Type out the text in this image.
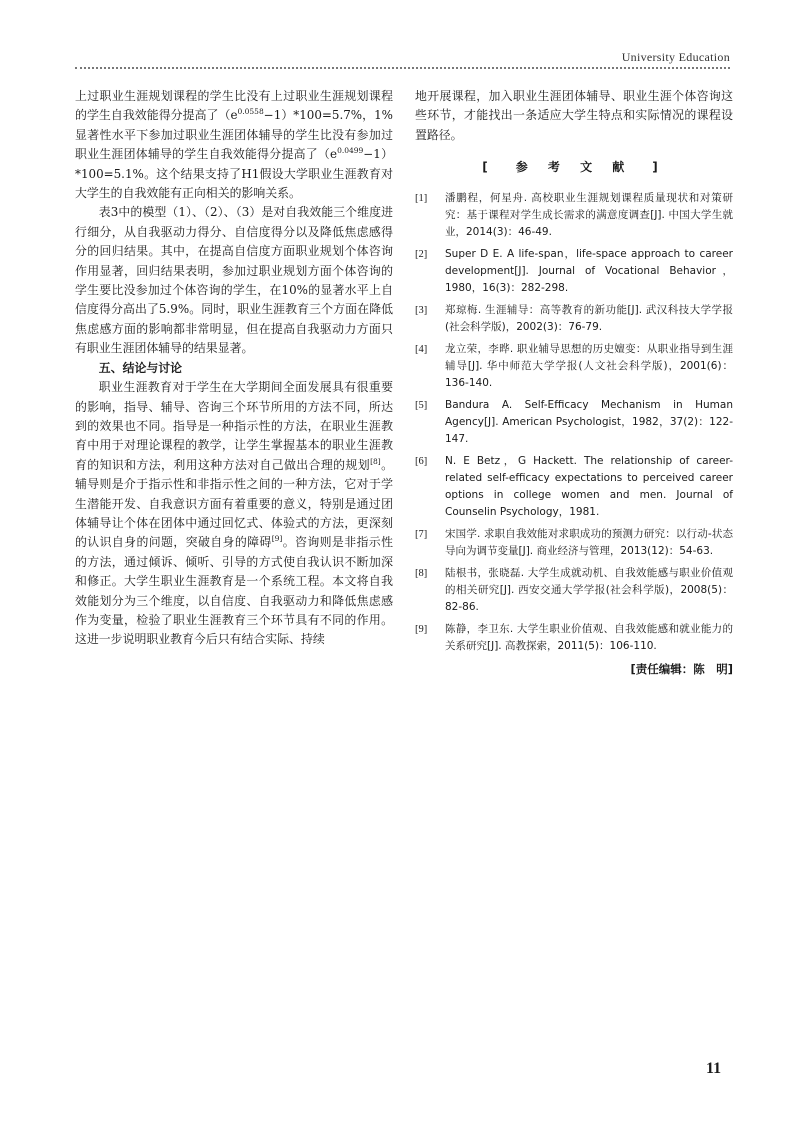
University Education

上过职业生涯规划课程的学生比没有上过职业生涯规划课程的学生自我效能得分提高了$(e^{0.0558}-1)*100=5.7\%$，1%显著性水平下参加过职业生涯团体辅导的学生比没有参加过职业生涯团体辅导的学生自我效能得分提高了$(e^{0.0499}-1)*100=5.1\%$。这个结果支持了H1假设大学职业生涯教育对大学生的自我效能有正向相关的影响关系。

表3中的模型（1）、（2）、（3）是对自我效能三个维度进行细分，从自我驱动力得分、自信度得分以及降低焦虑感得分的回归结果。其中，在提高自信度方面职业规划个体咨询作用显著，回归结果表明，参加过职业规划方面个体咨询的学生要比没参加过个体咨询的学生，在10%的显著水平上自信度得分高出了5.9%。同时，职业生涯教育三个方面在降低焦虑感方面的影响都非常明显，但在提高自我驱动力方面只有职业生涯团体辅导的结果显著。

五、结论与讨论

职业生涯教育对于学生在大学期间全面发展具有很重要的影响，指导、辅导、咨询三个环节所用的方法不同，所达到的效果也不同。指导是一种指示性的方法，在职业生涯教育中用于对理论课程的教学，让学生掌握基本的职业生涯教育的知识和方法，利用这种方法对自己做出合理的规划[8]。辅导则是介于指示性和非指示性之间的一种方法，它对于学生潜能开发、自我意识方面有着重要的意义，特别是通过团体辅导让个体在团体中通过回忆式、体验式的方法，更深刻的认识自身的问题，突破自身的障碍[9]。咨询则是非指示性的方法，通过倾诉、倾听、引导的方式使自我认识不断加深和修正。大学生职业生涯教育是一个系统工程。本文将自我效能划分为三个维度，以自信度、自我驱动力和降低焦虑感作为变量，检验了职业生涯教育三个环节具有不同的作用。这进一步说明职业教育今后只有结合实际、持续

地开展课程，加入职业生涯团体辅导、职业生涯个体咨询这些环节，才能找出一条适应大学生特点和实际情况的课程设置路径。

[　参 考 文 献　]
[1] 潘鹏程，何星舟. 高校职业生涯规划课程质量现状和对策研究：基于课程对学生成长需求的满意度调查[J]. 中国大学生就业，2014(3)：46-49.
[2] Super D E. A life-span，life-space approach to career development[J]. Journal of Vocational Behavior，1980，16(3)：282-298.
[3] 郑琼梅. 生涯辅导：高等教育的新功能[J]. 武汉科技大学学报(社会科学版)，2002(3)：76-79.
[4] 龙立荣，李晔. 职业辅导思想的历史嬗变：从职业指导到生涯辅导[J]. 华中师范大学学报(人文社会科学版)，2001(6)：136-140.
[5] Bandura A. Self-Efficacy Mechanism in Human Agency[J]. American Psychologist，1982，37(2)：122-147.
[6] N. E Betz，G Hackett. The relationship of career-related self-efficacy expectations to perceived career options in college women and men. Journal of Counselin Psychology，1981.
[7] 宋国学. 求职自我效能对求职成功的预测力研究：以行动-状态导向为调节变量[J]. 商业经济与管理，2013(12)：54-63.
[8] 陆根书，张晓磊. 大学生成就动机、自我效能感与职业价值观的相关研究[J]. 西安交通大学学报(社会科学版)，2008(5)：82-86.
[9] 陈静，李卫东. 大学生职业价值观、自我效能感和就业能力的关系研究[J]. 高教探索，2011(5)：106-110.
[责任编辑：陈　明]
11
